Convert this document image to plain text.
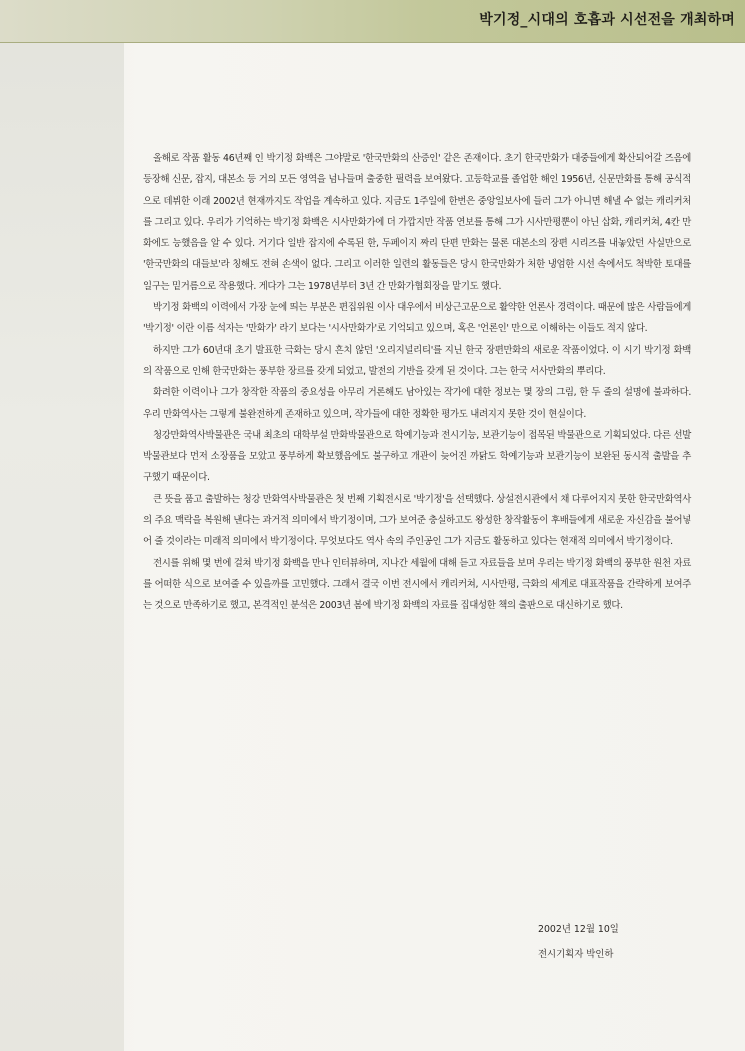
박기정_시대의 호흡과 시선전을 개최하며

올해로 작품 활동 46년째 인 박기정 화백은 그야말로 '한국만화의 산증인' 같은 존재이다. 초기 한국만화가 대중들에게 확산되어갈 즈음에 등장해 신문, 잡지, 대본소 등 거의 모든 영역을 넘나들며 출중한 필력을 보여왔다. 고등학교를 졸업한 해인 1956년, 신문만화를 통해 공식적으로 데뷔한 이래 2002년 현재까지도 작업을 계속하고 있다. 지금도 1주일에 한번은 중앙일보사에 들러 그가 아니면 해낼 수 없는 캐리커처를 그리고 있다. 우리가 기억하는 박기정 화백은 시사만화가에 더 가깝지만 작품 연보를 통해 그가 시사만평뿐이 아닌 삽화, 캐리커쳐, 4칸 만화에도 능했음을 알 수 있다. 거기다 일반 잡지에 수록된 한, 두페이지 짜리 단편 만화는 물론 대본소의 장편 시리즈를 내놓았던 사실만으로 '한국만화의 대들보'라 칭해도 전혀 손색이 없다. 그리고 이러한 일련의 활동들은 당시 한국만화가 처한 냉엄한 시선 속에서도 척박한 토대를 일구는 밑거름으로 작용했다. 게다가 그는 1978년부터 3년 간 만화가협회장을 맡기도 했다.

박기정 화백의 이력에서 가장 눈에 띄는 부분은 편집위원 이사 대우에서 비상근고문으로 활약한 언론사 경력이다. 때문에 많은 사람들에게 '박기정' 이란 이름 석자는 '만화가' 라기 보다는 '시사만화가'로 기억되고 있으며, 혹은 '언론인' 만으로 이해하는 이들도 적지 않다.

하지만 그가 60년대 초기 발표한 극화는 당시 흔치 않던 '오리지널리티'를 지닌 한국 장편만화의 새로운 작품이었다. 이 시기 박기정 화백의 작품으로 인해 한국만화는 풍부한 장르를 갖게 되었고, 발전의 기반을 갖게 된 것이다. 그는 한국 서사만화의 뿌리다.

화려한 이력이나 그가 창작한 작품의 중요성을 아무리 거론해도 남아있는 작가에 대한 정보는 몇 장의 그림, 한 두 줄의 설명에 불과하다. 우리 만화역사는 그렇게 불완전하게 존재하고 있으며, 작가들에 대한 정확한 평가도 내려지지 못한 것이 현실이다.

청강만화역사박물관은 국내 최초의 대학부설 만화박물관으로 학예기능과 전시기능, 보관기능이 접목된 박물관으로 기획되었다. 다른 선발 박물관보다 먼저 소장품을 모았고 풍부하게 확보했음에도 불구하고 개관이 늦어진 까닭도 학예기능과 보관기능이 보완된 동시적 출발을 추구했기 때문이다.

큰 뜻을 품고 출발하는 청강 만화역사박물관은 첫 번째 기획전시로 '박기정'을 선택했다. 상설전시관에서 채 다루어지지 못한 한국만화역사의 주요 맥락을 복원해 낸다는 과거적 의미에서 박기정이며, 그가 보여준 충실하고도 왕성한 창작활동이 후배들에게 새로운 자신감을 불어넣어 줄 것이라는 미래적 의미에서 박기정이다. 무엇보다도 역사 속의 주인공인 그가 지금도 활동하고 있다는 현재적 의미에서 박기정이다.

전시를 위해 몇 번에 걸쳐 박기정 화백을 만나 인터뷰하며, 지나간 세월에 대해 듣고 자료들을 보며 우리는 박기정 화백의 풍부한 원천 자료를 어떠한 식으로 보여줄 수 있을까를 고민했다. 그래서 결국 이번 전시에서 캐리커쳐, 시사만평, 극화의 세계로 대표작품을 간략하게 보여주는 것으로 만족하기로 했고, 본격적인 분석은 2003년 봄에 박기정 화백의 자료를 집대성한 책의 출판으로 대신하기로 했다.

2002년 12월 10일
전시기획자 박인하
